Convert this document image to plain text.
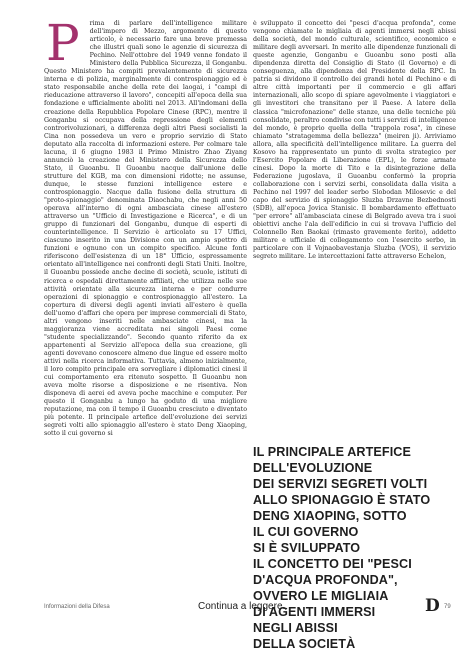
P rima di parlare dell'intelligence militare dell'impero di Mezzo, argomento di questo articolo, è necessario fare una breve premessa che illustri quali sono le agenzie di sicurezza di Pechino. Nell'ottobre del 1949 venne fondato il Ministero della Pubblica Sicurezza, il Gonganbu. Questo Ministero ha compiti prevalentemente di sicurezza interna e di polizia, marginalmente di controspionaggio ed è stato responsabile anche della rete dei laogai, i "campi di rieducazione attraverso il lavoro", concepiti all'epoca della sua fondazione e ufficialmente aboliti nel 2013. All'indomani della creazione della Repubblica Popolare Cinese (RPC), mentre il Gonganbu si occupava della repressione degli elementi controrivoluzionari, a differenza degli altri Paesi socialisti la Cina non possedeva un vero e proprio servizio di Stato deputato alla raccolta di informazioni estere. Per colmare tale lacuna, il 6 giugno 1983 il Primo Ministro Zhao Ziyang annunciò la creazione del Ministero della Sicurezza dello Stato, il Guoanbu. Il Guoanbu nacque dall'unione delle strutture del KGB, ma con dimensioni ridotte; ne assunse, dunque, le stesse funzioni intelligence estere e controspionaggio. Nacque dalla fusione della struttura di "proto-spionaggio" denominata Diaochabu, che negli anni 50 operava all'interno di ogni ambasciata cinese all'estero attraverso un "Ufficio di Investigazione e Ricerca", e di un gruppo di funzionari del Gonganbu, dunque di esperti di counterintelligence. Il Servizio è articolato su 17 Uffici, ciascuno inserito in una Divisione con un ampio spettro di funzioni e ognuno con un compito specifico. Alcune fonti riferiscono dell'esistenza di un 18° Ufficio, espressamente orientato all'intelligence nei confronti degli Stati Uniti. Inoltre, il Guoanbu possiede anche decine di società, scuole, istituti di ricerca e ospedali direttamente affiliati, che utilizza nelle sue attività orientate alla sicurezza interna e per condurre operazioni di spionaggio e controspionaggio all'estero. La copertura di diversi degli agenti inviati all'estero è quella dell'uomo d'affari che opera per imprese commerciali di Stato, altri vengono inseriti nelle ambasciate cinesi, ma la maggioranza viene accreditata nei singoli Paesi come "studente specializzando". Secondo quanto riferito da ex appartenenti al Servizio all'epoca della sua creazione, gli agenti dovevano conoscere almeno due lingue ed essere molto attivi nella ricerca informativa. Tuttavia, almeno inizialmente, il loro compito principale era sorvegliare i diplomatici cinesi il cui comportamento era ritenuto sospetto. Il Guoanbu non aveva molte risorse a disposizione e ne risentiva. Non disponeva di aerei ed aveva poche macchine e computer. Per questo il Gonganbu a lungo ha goduto di una migliore reputazione, ma con il tempo il Guoanbu cresciuto e diventato più potente. Il principale artefice dell'evoluzione dei servizi segreti volti allo spionaggio all'estero è stato Deng Xiaoping, sotto il cui governo si

è sviluppato il concetto dei "pesci d'acqua profonda", come vengono chiamate le migliaia di agenti immersi negli abissi della società, del mondo culturale, scientifico, economico e militare degli avversari. In merito alle dipendenze funzionali di queste agenzie, Gonganbu e Guoanbu sono posti alla dipendenza diretta del Consiglio di Stato (il Governo) e di conseguenza, alla dipendenza del Presidente della RPC. In patria si dividono il controllo dei grandi hotel di Pechino e di altre città importanti per il commercio e gli affari internazionali, allo scopo di spiare agevolmente i viaggiatori e gli investitori che transitano per il Paese. A latere della classica "microfonazione" delle stanze, una delle tecniche più consolidate, peraltro condivise con tutti i servizi di intelligence del mondo, è proprio quella della "trappola rosa", in cinese chiamato "stratagemma della bellezza" (meiren ji). Arriviamo allora, alla specificità dell'intelligence militare. La guerra del Kosovo ha rappresentato un punto di svolta strategico per l'Esercito Popolare di Liberazione (EPL), le forze armate cinesi. Dopo la morte di Tito e la disintegrazione della Federazione jugoslava, il Guoanbu confermò la propria collaborazione con i servizi serbi, consolidata dalla visita a Pechino nel 1997 del leader serbo Slobodan Milosevic e del capo del servizio di spionaggio Sluzba Drzavne Bezbednosti (SDB), all'epoca Jovica Stanisic. Il bombardamento effettuato "per errore" all'ambasciata cinese di Belgrado aveva tra i suoi obiettivi anche l'ala dell'edificio in cui si trovava l'ufficio del Colonnello Ren Baokai (rimasto gravemente ferito), addetto militare e ufficiale di collegamento con l'esercito serbo, in particolare con il Vojnaobavestanja Sluzba (VOS), il servizio segreto militare. Le intercettazioni fatte attraverso Echelon,

IL PRINCIPALE ARTEFICE
DELL'EVOLUZIONE
DEI SERVIZI SEGRETI VOLTI
ALLO SPIONAGGIO È STATO
DENG XIAOPING, SOTTO
IL CUI GOVERNO
SI È SVILUPPATO
IL CONCETTO DEI "PESCI
D'ACQUA PROFONDA",
OVVERO LE MIGLIAIA
DI AGENTI IMMERSI
NEGLI ABISSI
DELLA SOCIETÀ
Informazioni della Difesa	Continua a leggere...	D 79
